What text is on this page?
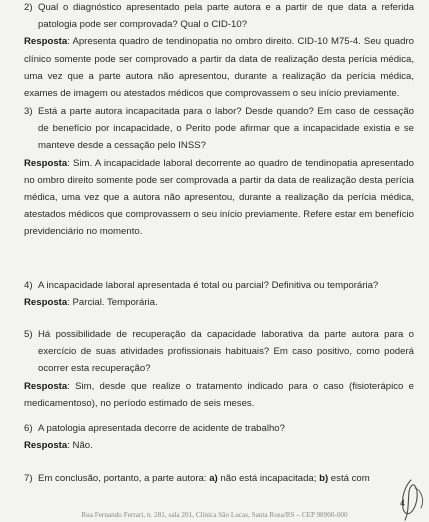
2) Qual o diagnóstico apresentado pela parte autora e a partir de que data a referida patologia pode ser comprovada? Qual o CID-10?

Resposta: Apresenta quadro de tendinopatia no ombro direito. CID-10 M75-4. Seu quadro clínico somente pode ser comprovado a partir da data de realização desta perícia médica, uma vez que a parte autora não apresentou, durante a realização da perícia médica, exames de imagem ou atestados médicos que comprovassem o seu início previamente.

3) Está a parte autora incapacitada para o labor? Desde quando? Em caso de cessação de benefício por incapacidade, o Perito pode afirmar que a incapacidade existia e se manteve desde a cessação pelo INSS?

Resposta: Sim. A incapacidade laboral decorrente ao quadro de tendinopatia apresentado no ombro direito somente pode ser comprovada a partir da data de realização desta perícia médica, uma vez que a autora não apresentou, durante a realização da perícia médica, atestados médicos que comprovassem o seu início previamente. Refere estar em benefício previdenciário no momento.

4) A incapacidade laboral apresentada é total ou parcial? Definitiva ou temporária?

Resposta: Parcial. Temporária.

5) Há possibilidade de recuperação da capacidade laborativa da parte autora para o exercício de suas atividades profissionais habituais? Em caso positivo, como poderá ocorrer esta recuperação?

Resposta: Sim, desde que realize o tratamento indicado para o caso (fisioterápico e medicamentoso), no período estimado de seis meses.

6) A patologia apresentada decorre de acidente de trabalho?

Resposta: Não.

7) Em conclusão, portanto, a parte autora: a) não está incapacitada; b) está com

4
Rua Fernando Ferrari, n. 281, sala 201, Clínica São Lucas, Santa Rosa/RS – CEP 98900-000
